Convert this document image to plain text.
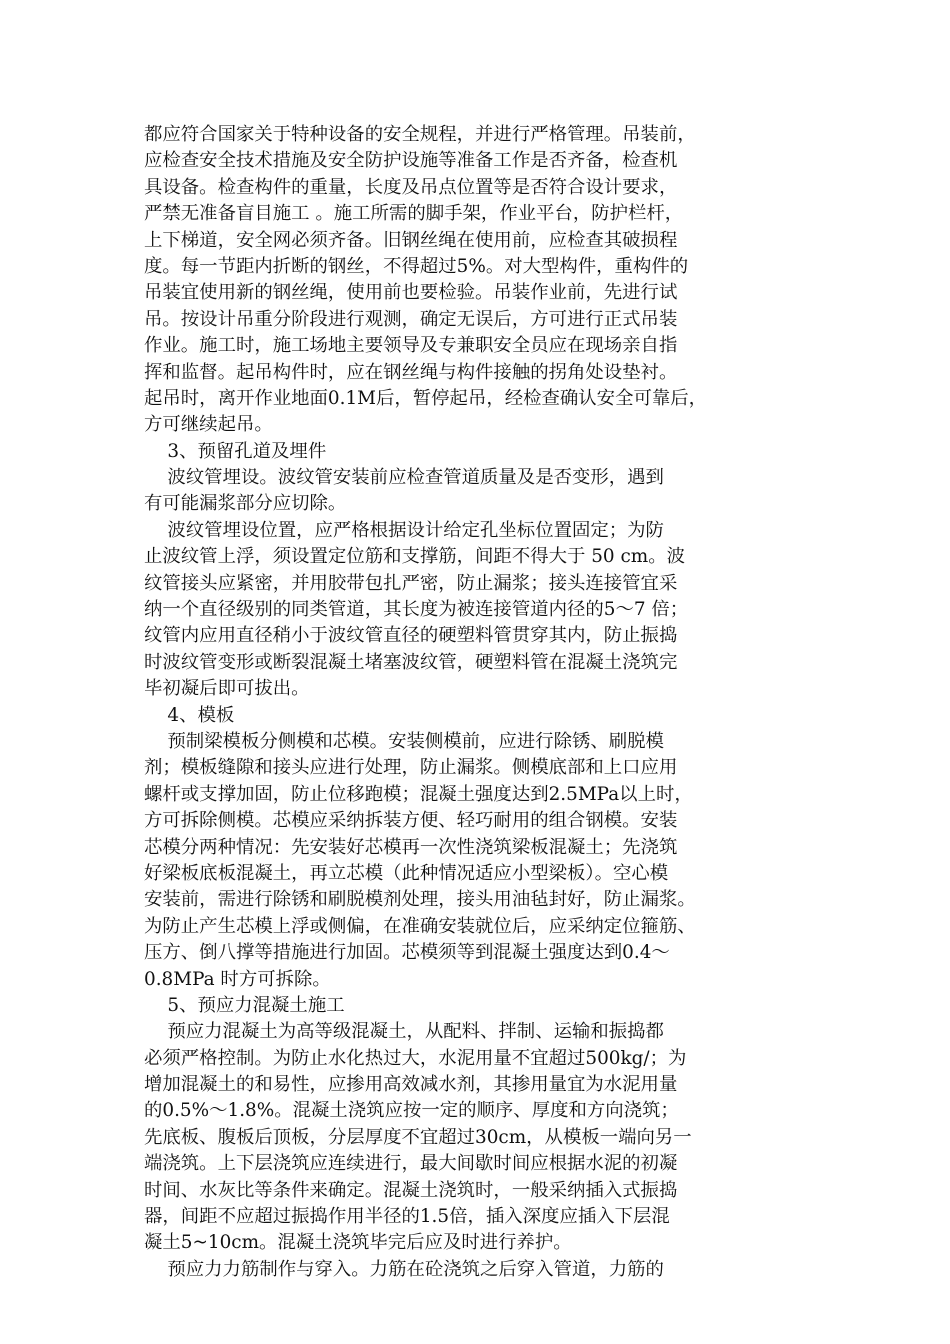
都应符合国家关于特种设备的安全规程，并进行严格管理。吊装前，
应检查安全技术措施及安全防护设施等准备工作是否齐备，检查机
具设备。检查构件的重量，长度及吊点位置等是否符合设计要求，
严禁无准备盲目施工 。施工所需的脚手架，作业平台，防护栏杆，
上下梯道，安全网必须齐备。旧钢丝绳在使用前，应检查其破损程
度。每一节距内折断的钢丝，不得超过5%。对大型构件，重构件的
吊装宜使用新的钢丝绳，使用前也要检验。吊装作业前，先进行试
吊。按设计吊重分阶段进行观测，确定无误后，方可进行正式吊装
作业。施工时，施工场地主要领导及专兼职安全员应在现场亲自指
挥和监督。起吊构件时，应在钢丝绳与构件接触的拐角处设垫衬。
起吊时，离开作业地面0.1M后，暂停起吊，经检查确认安全可靠后，
方可继续起吊。
3、预留孔道及埋件
波纹管埋设。波纹管安装前应检查管道质量及是否变形，遇到
有可能漏浆部分应切除。
波纹管埋设位置，应严格根据设计给定孔坐标位置固定；为防
止波纹管上浮，须设置定位筋和支撑筋，间距不得大于 50 cm。波
纹管接头应紧密，并用胶带包扎严密，防止漏浆；接头连接管宜采
纳一个直径级别的同类管道，其长度为被连接管道内径的5～7 倍；
纹管内应用直径稍小于波纹管直径的硬塑料管贯穿其内，防止振捣
时波纹管变形或断裂混凝土堵塞波纹管，硬塑料管在混凝土浇筑完
毕初凝后即可拔出。
4、模板
预制梁模板分侧模和芯模。安装侧模前，应进行除锈、刷脱模
剂；模板缝隙和接头应进行处理，防止漏浆。侧模底部和上口应用
螺杆或支撑加固，防止位移跑模；混凝土强度达到2.5MPa以上时，
方可拆除侧模。芯模应采纳拆装方便、轻巧耐用的组合钢模。安装
芯模分两种情况：先安装好芯模再一次性浇筑梁板混凝土；先浇筑
好梁板底板混凝土，再立芯模（此种情况适应小型梁板）。空心模
安装前，需进行除锈和刷脱模剂处理，接头用油毡封好，防止漏浆。
为防止产生芯模上浮或侧偏，在准确安装就位后，应采纳定位箍筋、
压方、倒八撑等措施进行加固。芯模须等到混凝土强度达到0.4～
0.8MPa 时方可拆除。
5、预应力混凝土施工
预应力混凝土为高等级混凝土，从配料、拌制、运输和振捣都
必须严格控制。为防止水化热过大，水泥用量不宜超过500kg/；为
增加混凝土的和易性，应掺用高效减水剂，其掺用量宜为水泥用量
的0.5%～1.8%。混凝土浇筑应按一定的顺序、厚度和方向浇筑；
先底板、腹板后顶板，分层厚度不宜超过30cm，从模板一端向另一
端浇筑。上下层浇筑应连续进行，最大间歇时间应根据水泥的初凝
时间、水灰比等条件来确定。混凝土浇筑时，一般采纳插入式振捣
器，间距不应超过振捣作用半径的1.5倍，插入深度应插入下层混
凝土5~10cm。混凝土浇筑毕完后应及时进行养护。
预应力力筋制作与穿入。力筋在砼浇筑之后穿入管道，力筋的
